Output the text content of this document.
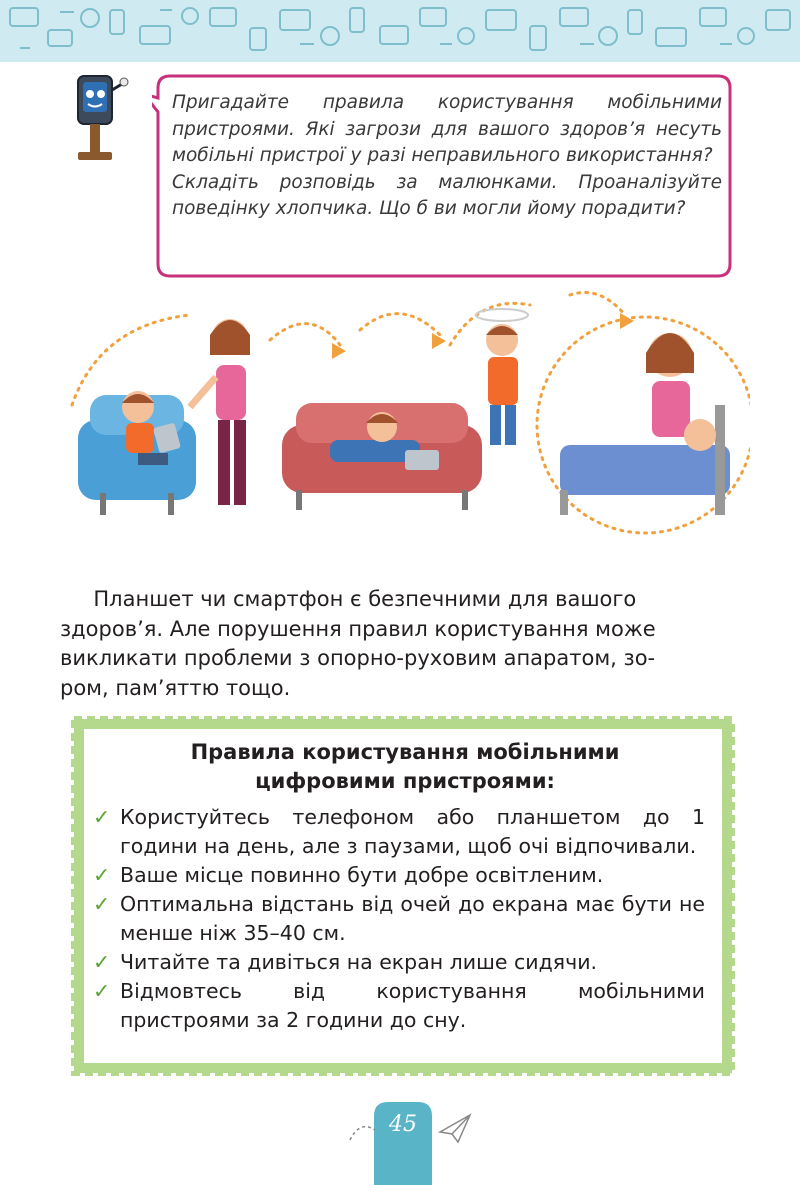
Пригадайте правила користування мобільними пристроями. Які загрози для вашого здоров’я несуть мобільні пристрої у разі неправильного використання?

Складіть розповідь за малюнками. Проаналізуйте поведінку хлопчика. Що б ви могли йому порадити?

Планшет чи смартфон є безпечними для вашого
здоров’я. Але порушення правил користування може
викликати проблеми з опорно-руховим апаратом, зо-
ром, пам’яттю тощо.
Правила користування мобільними
цифровими пристроями:
✓ Користуйтесь телефоном або планшетом до 1 години на день, але з паузами, щоб очі відпочивали.
✓ Ваше місце повинно бути добре освітленим.
✓ Оптимальна відстань від очей до екрана має бути не менше ніж 35–40 см.
✓ Читайте та дивіться на екран лише сидячи.
✓ Відмовтесь від користування мобільними пристроями за 2 години до сну.
45
